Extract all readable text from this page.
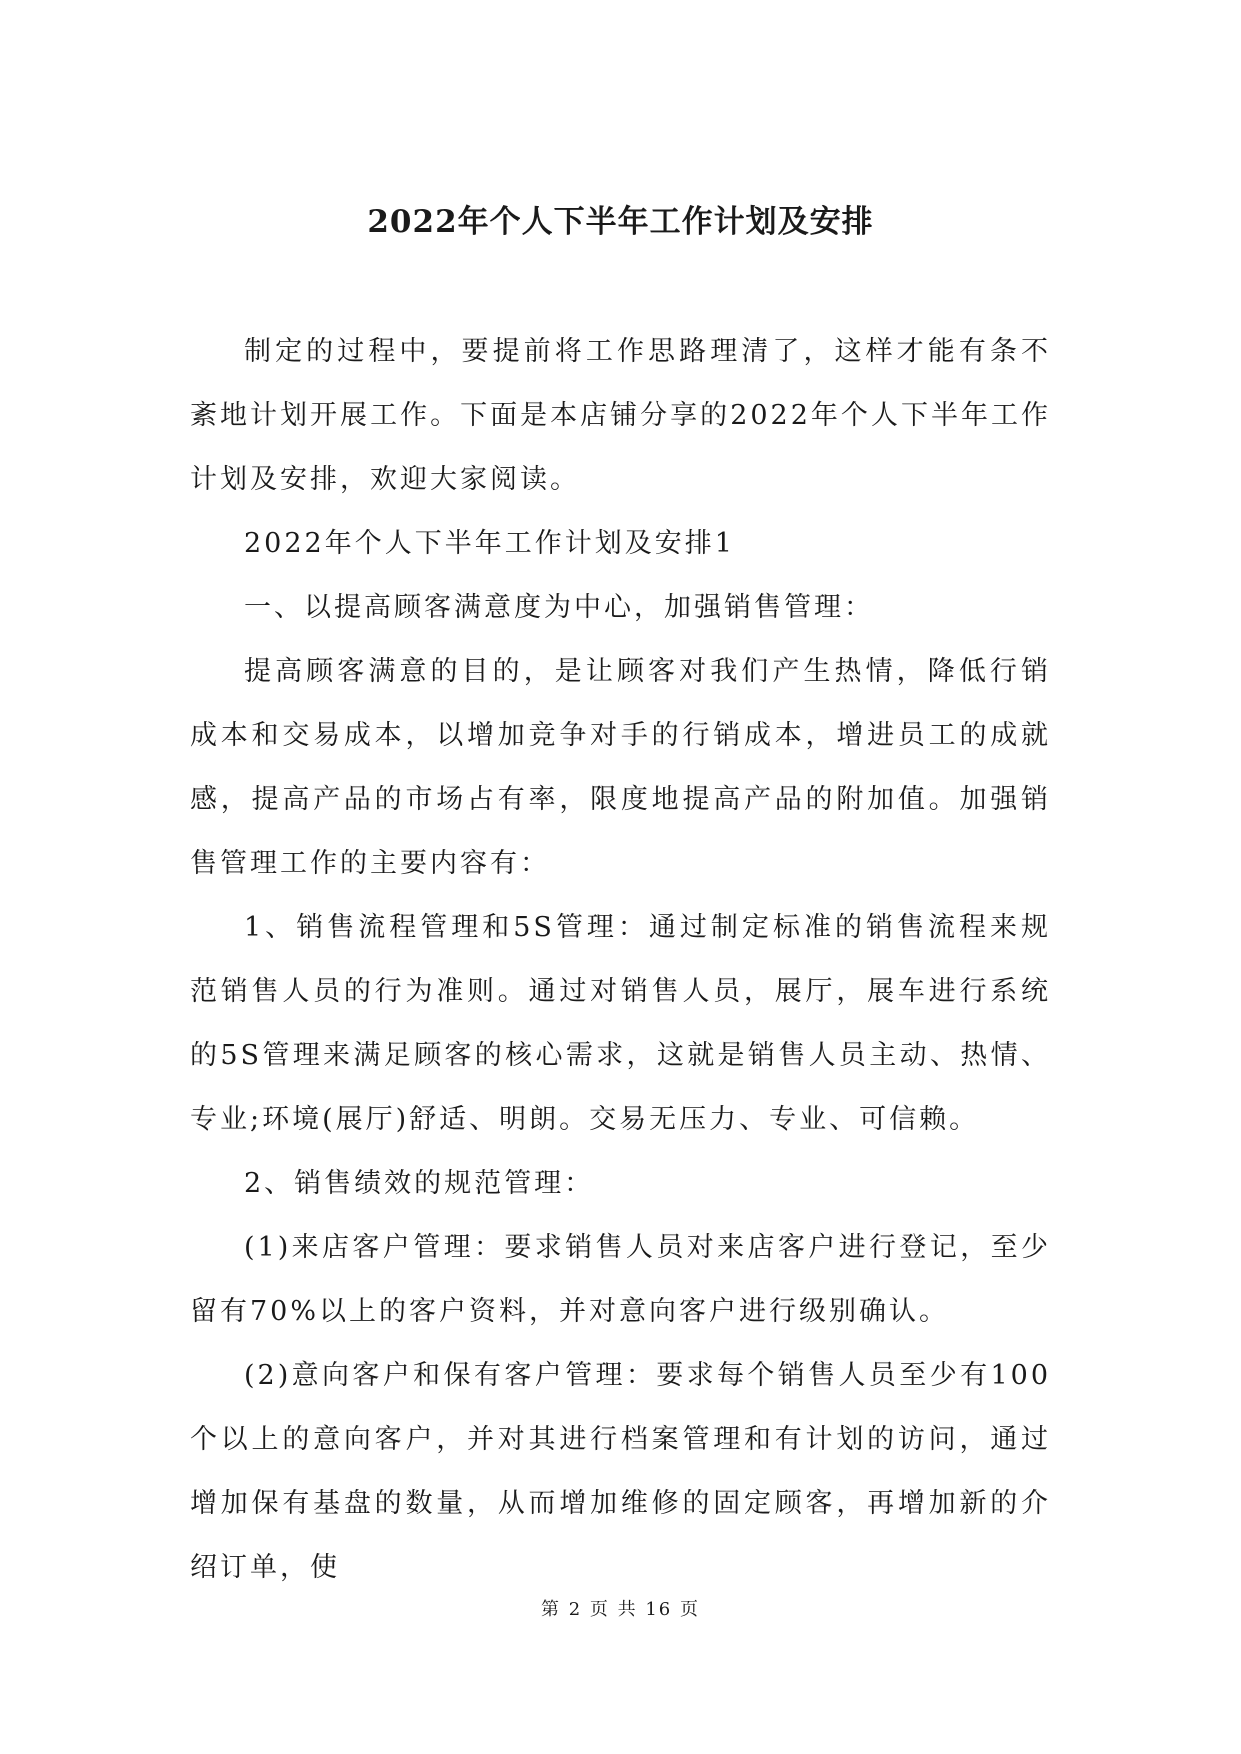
2022年个人下半年工作计划及安排

制定的过程中，要提前将工作思路理清了，这样才能有条不紊地计划开展工作。下面是本店铺分享的2022年个人下半年工作计划及安排，欢迎大家阅读。

2022年个人下半年工作计划及安排1

一、以提高顾客满意度为中心，加强销售管理：

提高顾客满意的目的，是让顾客对我们产生热情，降低行销成本和交易成本，以增加竞争对手的行销成本，增进员工的成就感，提高产品的市场占有率，限度地提高产品的附加值。加强销售管理工作的主要内容有：

1、销售流程管理和5S管理：通过制定标准的销售流程来规范销售人员的行为准则。通过对销售人员，展厅，展车进行系统的5S管理来满足顾客的核心需求，这就是销售人员主动、热情、专业;环境(展厅)舒适、明朗。交易无压力、专业、可信赖。

2、销售绩效的规范管理：

(1)来店客户管理：要求销售人员对来店客户进行登记，至少留有70%以上的客户资料，并对意向客户进行级别确认。

(2)意向客户和保有客户管理：要求每个销售人员至少有100个以上的意向客户，并对其进行档案管理和有计划的访问，通过增加保有基盘的数量，从而增加维修的固定顾客，再增加新的介绍订单，使

第 2 页 共 16 页
